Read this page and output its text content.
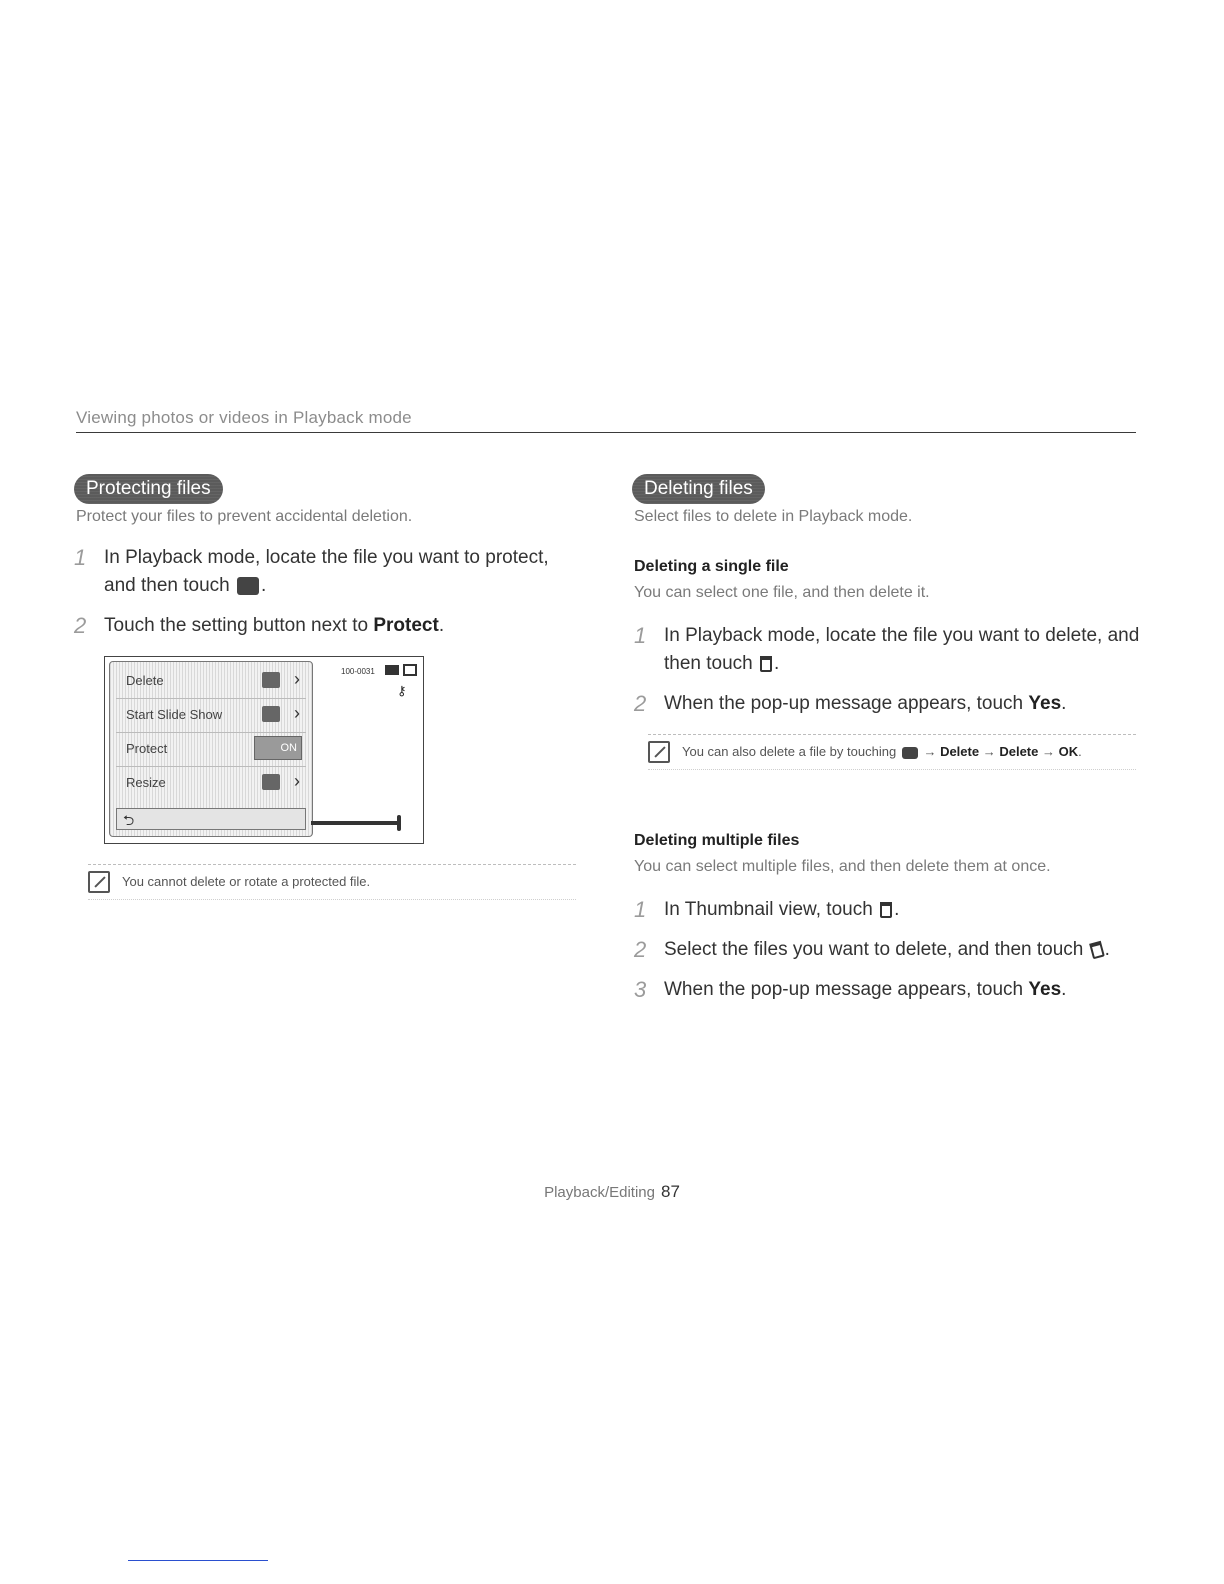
Viewing photos or videos in Playback mode
Protecting files
Protect your files to prevent accidental deletion.
1 In Playback mode, locate the file you want to protect,
and then touch .
2 Touch the setting button next to Protect.
Delete	›
Start Slide Show	›
Protect	ON
Resize	›
⮌
100-0031
⚷
You cannot delete or rotate a protected file.
Deleting files
Select files to delete in Playback mode.
Deleting a single file
You can select one file, and then delete it.
1 In Playback mode, locate the file you want to delete, and
then touch .
2 When the pop-up message appears, touch Yes.
You can also delete a file by touching → Delete → Delete → OK.
Deleting multiple files
You can select multiple files, and then delete them at once.
1 In Thumbnail view, touch .
2 Select the files you want to delete, and then touch .
3 When the pop-up message appears, touch Yes.
Playback/Editing 87
